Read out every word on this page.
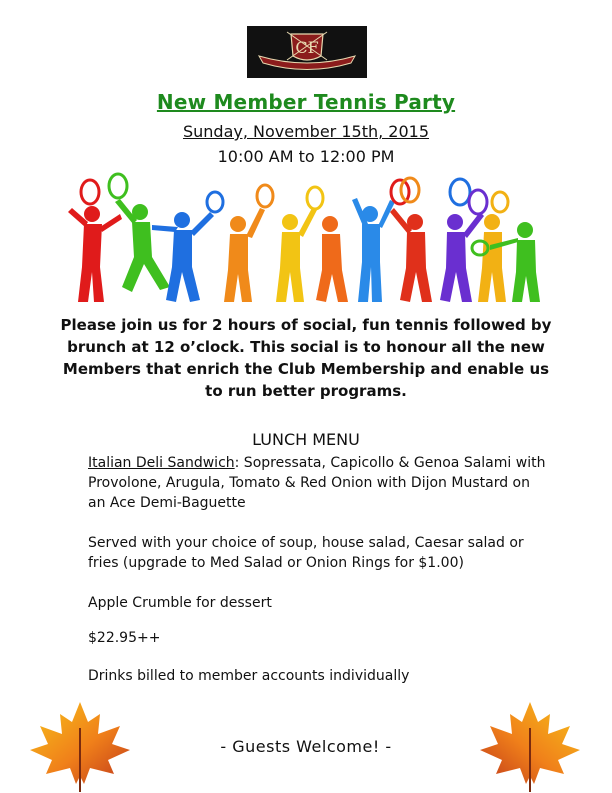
CF
New Member Tennis Party
Sunday, November 15th, 2015
10:00 AM to 12:00 PM
Please join us for 2 hours of social, fun tennis followed by brunch at 12 o’clock. This social is to honour all the new Members that enrich the Club Membership and enable us to run better programs.
LUNCH MENU
Italian Deli Sandwich: Sopressata, Capicollo & Genoa Salami with Provolone, Arugula, Tomato & Red Onion with Dijon Mustard on an Ace Demi-Baguette
Served with your choice of soup, house salad, Caesar salad or fries (upgrade to Med Salad or Onion Rings for $1.00)
Apple Crumble for dessert
$22.95++
Drinks billed to member accounts individually
- Guests Welcome! -
